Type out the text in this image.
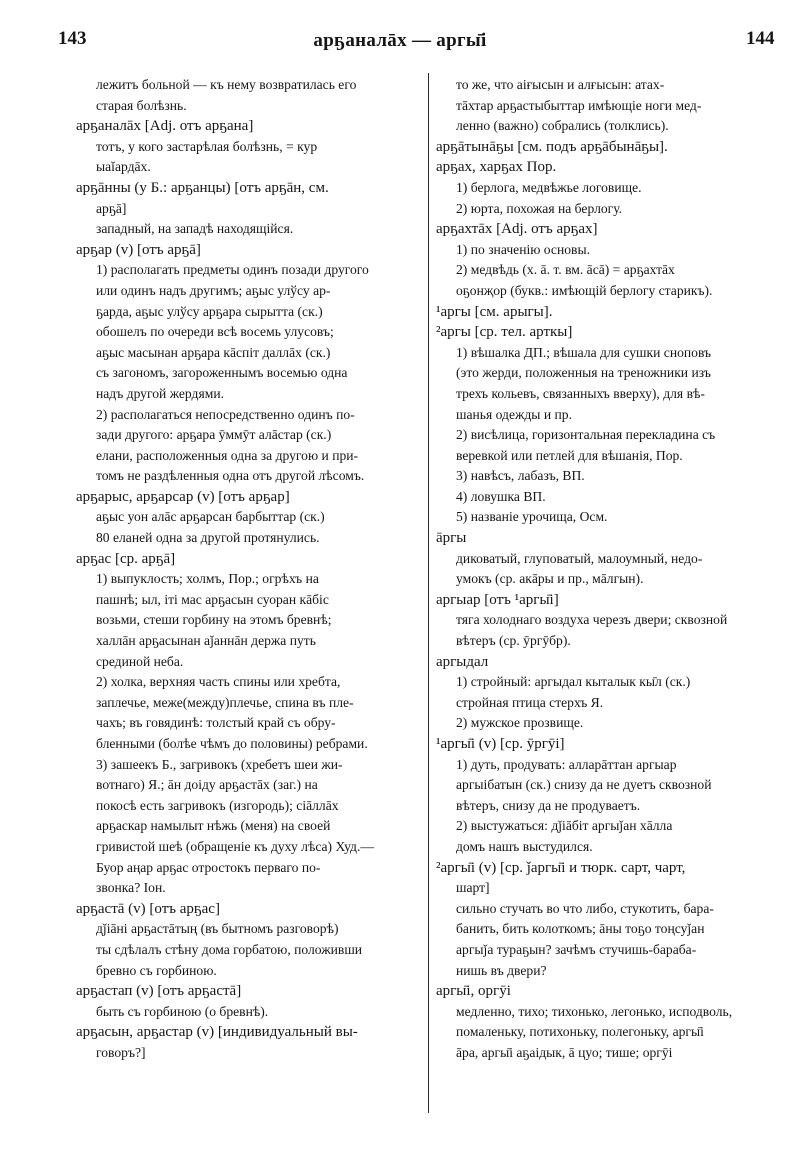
143	арҕаналāх — аргы̄і	144
лежитъ больной — къ нему возвратилась его
старая болѣзнь.
арҕаналāх [Adj. отъ арҕана]
тотъ, у кого застарѣлая болѣзнь, = кур
ыаǐардāх.
арҕāнны (у Б.: арҕанцы) [отъ арҕāн, см.
арҕā]
западный, на западѣ находящійся.
арҕар (v) [отъ арҕā]
1) располагать предметы одинъ позади другого
или одинъ надъ другимъ; аҕыс улўсу ар-
ҕарда, аҕыс улўсу арҕара сырытта (ск.)
обошелъ по очереди всѣ восемь улусовъ;
аҕыс масынан арҕара кāспіт даллāх (ск.)
съ загономъ, загороженнымъ восемью одна
надъ другой жердями.
2) располагаться непосредственно одинъ по-
зади другого: арҕара ӯммӯт алāстар (ск.)
елани, расположенныя одна за другою и при-
томъ не раздѣленныя одна отъ другой лѣсомъ.
арҕарыс, арҕарсар (v) [отъ арҕар]
аҕыс уон алāс арҕарсан барбыттар (ск.)
80 еланей одна за другой протянулись.
арҕас [ср. арҕā]
1) выпуклость; холмъ, Пор.; огрѣхъ на
пашнѣ; ыл, іті мас арҕасын суоран кāбіс
возьми, стеши горбину на этомъ бревнѣ;
халлāн арҕасынан аǰаннāн держа путь
срединой неба.
2) холка, верхняя часть спины или хребта,
заплечье, меже(между)плечье, спина въ пле-
чахъ; въ говядинѣ: толстый край съ обру-
бленными (болѣе чѣмъ до половины) ребрами.
3) зашеекъ Б., загривокъ (хребетъ шеи жи-
вотнаго) Я.; āн доіду арҕастāх (заг.) на
покосѣ есть загривокъ (изгородь); сіāллāх
арҕаскар намылыт нѣжь (меня) на своей
гривистой шеѣ (обращеніе къ духу лѣса) Худ.—
Буор аңар арҕас отростокъ перваго по-
звонка? Іон.
арҕастā (v) [отъ арҕас]
дǰіāні арҕастāтың (въ бытномъ разговорѣ)
ты сдѣлалъ стѣну дома горбатою, положивши
бревно съ горбиною.
арҕастап (v) [отъ арҕастā]
быть съ горбиною (о бревнѣ).
арҕасын, арҕастар (v) [индивидуальный вы-
говоръ?]
то же, что аіғысын и алғысын: атах-
тāхтар арҕастыбыттар имѣющіе ноги мед-
ленно (важно) собрались (толклись).
арҕāтынāҕы [см. подъ арҕāбынāҕы].
арҕах, харҕах Пор.
1) берлога, медвѣжье логовище.
2) юрта, похожая на берлогу.
арҕахтāх [Adj. отъ арҕах]
1) по значенію основы.
2) медвѣдь (х. ā. т. вм. āсā) = арҕахтāх
оҕонҗор (букв.: имѣющій берлогу старикъ).
¹аргы [см. арыгы].
²аргы [ср. тел. арткы]
1) вѣшалка ДП.; вѣшала для сушки сноповъ
(это жерди, положенныя на треножники изъ
трехъ кольевъ, связанныхъ вверху), для вѣ-
шанья одежды и пр.
2) висѣлица, горизонтальная перекладина съ
веревкой или петлей для вѣшанія, Пор.
3) навѣсъ, лабазъ, ВП.
4) ловушка ВП.
5) названіе урочища, Осм.
āргы
диковатый, глуповатый, малоумный, недо-
умокъ (ср. акāры и пр., мāлгын).
аргыар [отъ ¹аргы̄і]
тяга холоднаго воздуха черезъ двери; сквозной
вѣтеръ (ср. ӯргӯбр).
аргыдал
1) стройный: аргыдал кыталык кы̄л (ск.)
стройная птица стерхъ Я.
2) мужское прозвище.
¹аргы̄і (v) [ср. ӯргӯі]
1) дуть, продувать: аллаpāттан аргыар
аргыібатын (ск.) снизу да не дуетъ сквозной
вѣтеръ, снизу да не продуваетъ.
2) выстужаться: дǰіāбіт аргыǰан хāлла
домъ нашъ выстудился.
²аргы̄і (v) [ср. ǰаргы̄і и тюрк. сарт, чарт,
шарт]
сильно стучать во что либо, стукотить, бара-
банить, бить колоткомъ; āны тоҕо тоңсуǰан
аргыǰа тураҕын? зачѣмъ стучишь-бараба-
нишь въ двери?
аргы̄і, оргӯі
медленно, тихо; тихонько, легонько, исподволь,
помаленьку, потихоньку, полегоньку, аргы̄і
āра, аргы̄і аҕаідык, ā цуо; тише; оргӯі
